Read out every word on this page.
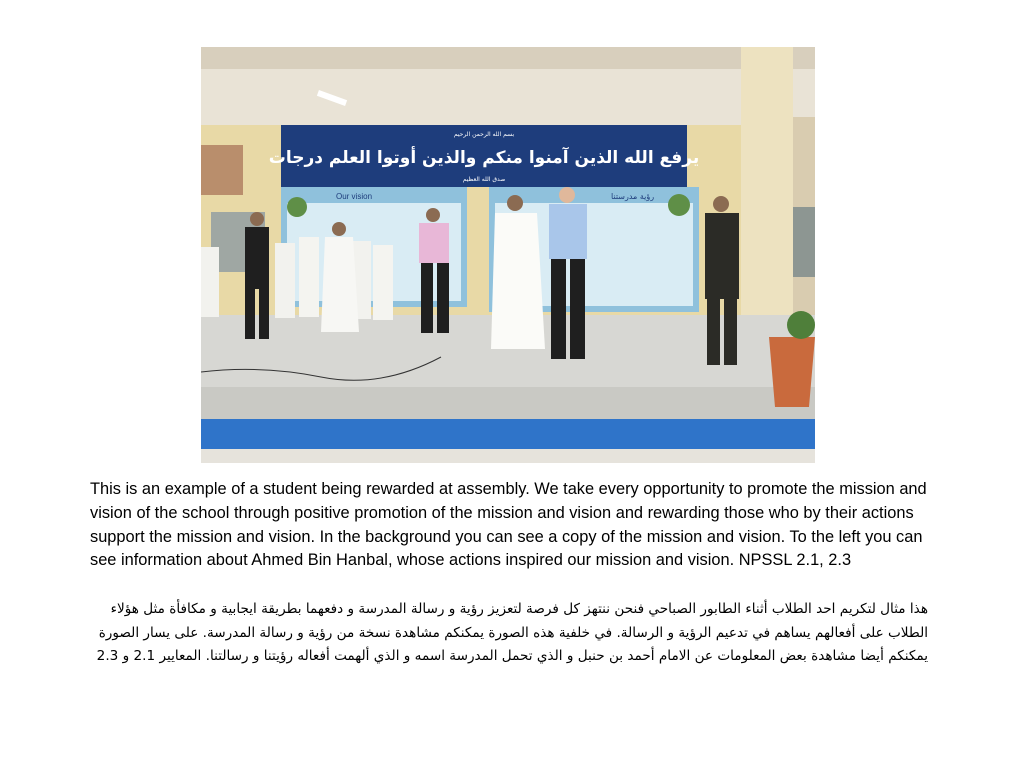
بسم الله الرحمن الرحيم
يرفع الله الذين آمنوا منكم والذين أوتوا العلم درجات
صدق الله العظيم
Our vision	رؤية مدرستنا

This is an example of a student being rewarded at assembly. We take every opportunity to promote the mission and vision of the school through positive promotion of the mission and vision and rewarding those who by their actions support the mission and vision. In the background you can see a copy of the mission and vision. To the left you can see information about Ahmed Bin Hanbal, whose actions inspired our mission and vision. NPSSL 2.1, 2.3

هذا مثال لتكريم احد الطلاب أثناء الطابور الصباحي فنحن ننتهز كل فرصة لتعزيز رؤية و رسالة المدرسة و دفعهما بطريقة ايجابية و مكافأة مثل هؤلاء الطلاب على أفعالهم يساهم في تدعيم الرؤية و الرسالة. في خلفية هذه الصورة يمكنكم مشاهدة نسخة من رؤية و رسالة المدرسة. على يسار الصورة يمكنكم أيضا مشاهدة بعض المعلومات عن الامام أحمد بن حنبل و الذي تحمل المدرسة اسمه و الذي ألهمت أفعاله رؤيتنا و رسالتنا. المعايير 2.1 و 2.3
